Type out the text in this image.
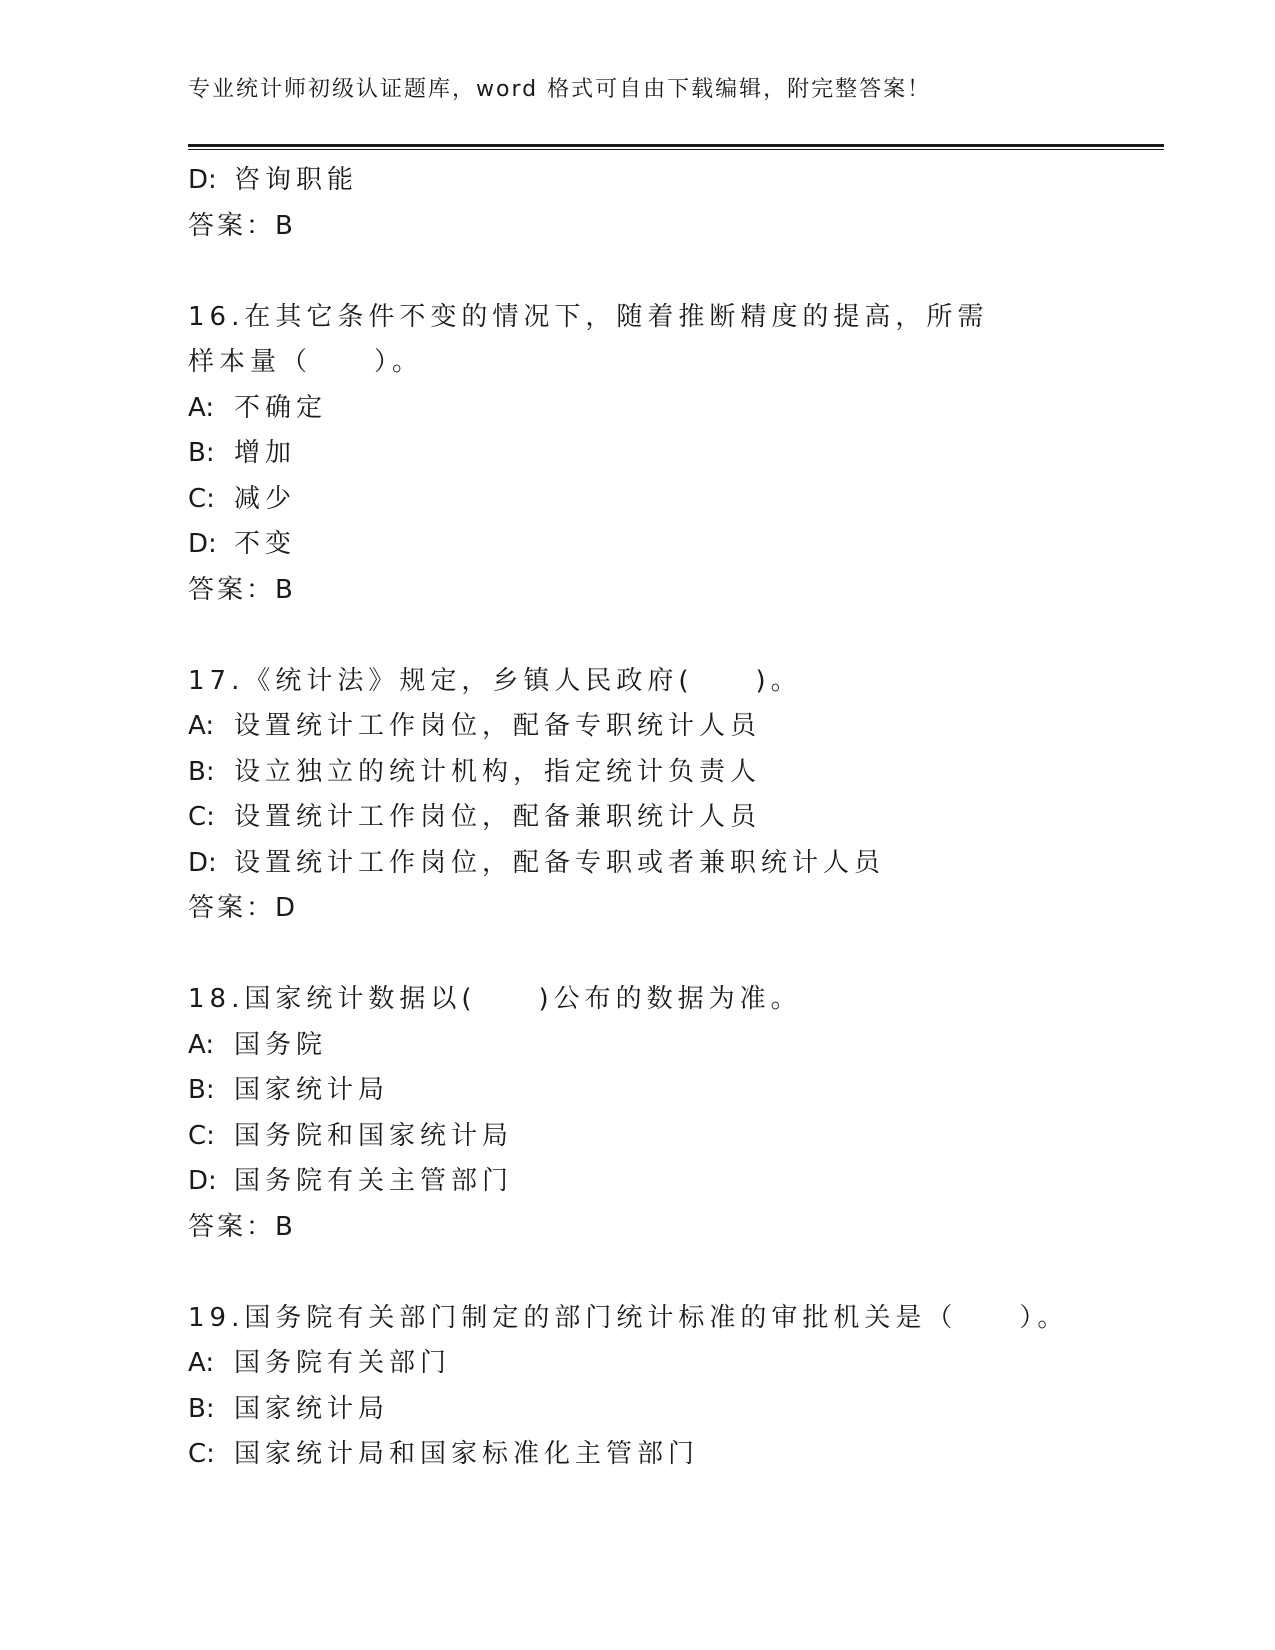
专业统计师初级认证题库，word 格式可自由下载编辑，附完整答案！
D: 咨询职能
答案：B
16.在其它条件不变的情况下，随着推断精度的提高，所需样本量（　　）。
A: 不确定
B: 增加
C: 减少
D: 不变
答案：B
17.《统计法》规定，乡镇人民政府(　　)。
A: 设置统计工作岗位，配备专职统计人员
B: 设立独立的统计机构，指定统计负责人
C: 设置统计工作岗位，配备兼职统计人员
D: 设置统计工作岗位，配备专职或者兼职统计人员
答案：D
18.国家统计数据以(　　)公布的数据为准。
A: 国务院
B: 国家统计局
C: 国务院和国家统计局
D: 国务院有关主管部门
答案：B
19.国务院有关部门制定的部门统计标准的审批机关是（　　）。
A: 国务院有关部门
B: 国家统计局
C: 国家统计局和国家标准化主管部门
